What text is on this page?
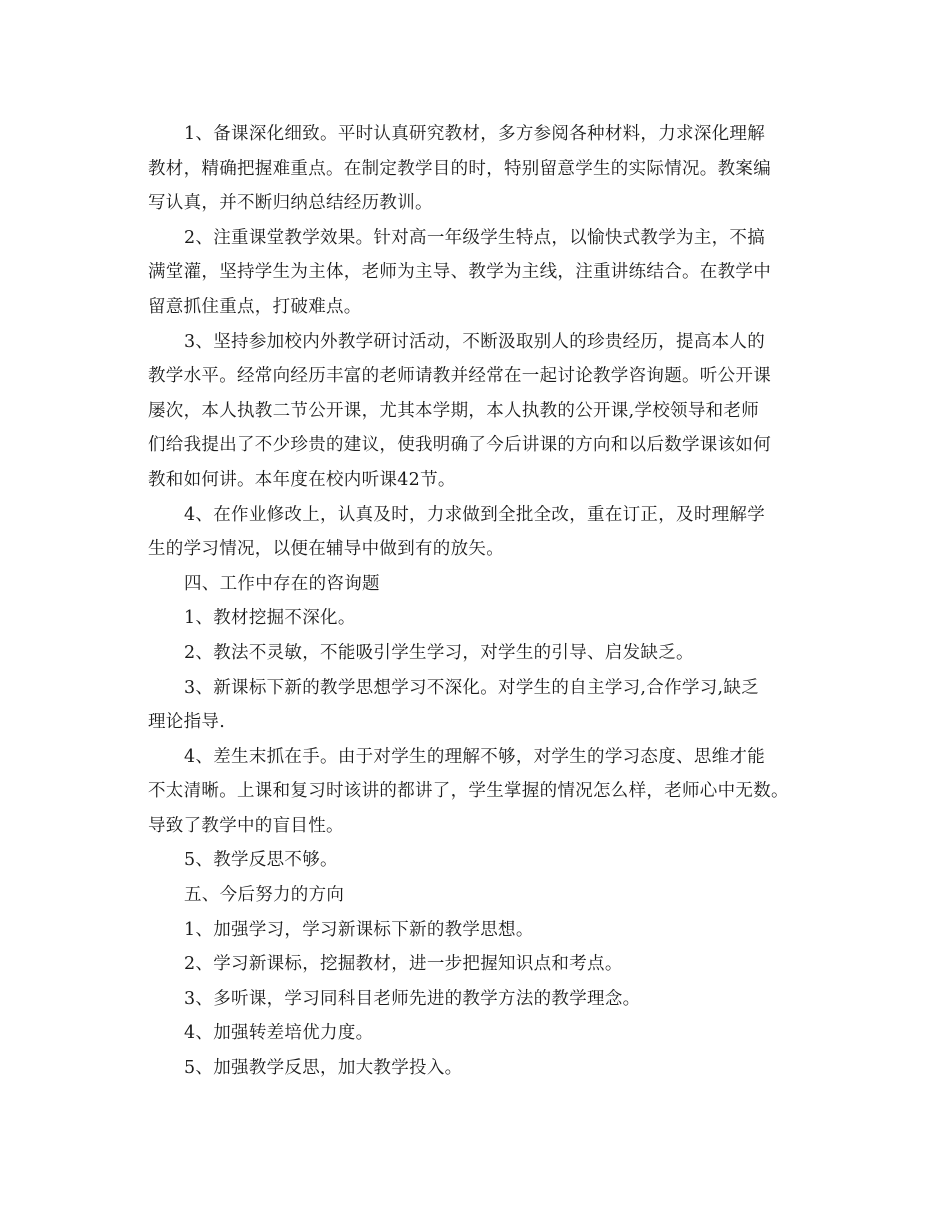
1、备课深化细致。平时认真研究教材，多方参阅各种材料，力求深化理解
教材，精确把握难重点。在制定教学目的时，特别留意学生的实际情况。教案编
写认真，并不断归纳总结经历教训。
2、注重课堂教学效果。针对高一年级学生特点，以愉快式教学为主，不搞
满堂灌，坚持学生为主体，老师为主导、教学为主线，注重讲练结合。在教学中
留意抓住重点，打破难点。
3、坚持参加校内外教学研讨活动，不断汲取别人的珍贵经历，提高本人的
教学水平。经常向经历丰富的老师请教并经常在一起讨论教学咨询题。听公开课
屡次，本人执教二节公开课，尤其本学期，本人执教的公开课,学校领导和老师
们给我提出了不少珍贵的建议，使我明确了今后讲课的方向和以后数学课该如何
教和如何讲。本年度在校内听课42节。
4、在作业修改上，认真及时，力求做到全批全改，重在订正，及时理解学
生的学习情况，以便在辅导中做到有的放矢。
四、工作中存在的咨询题
1、教材挖掘不深化。
2、教法不灵敏，不能吸引学生学习，对学生的引导、启发缺乏。
3、新课标下新的教学思想学习不深化。对学生的自主学习,合作学习,缺乏
理论指导.
4、差生末抓在手。由于对学生的理解不够，对学生的学习态度、思维才能
不太清晰。上课和复习时该讲的都讲了，学生掌握的情况怎么样，老师心中无数。
导致了教学中的盲目性。
5、教学反思不够。
五、今后努力的方向
1、加强学习，学习新课标下新的教学思想。
2、学习新课标，挖掘教材，进一步把握知识点和考点。
3、多听课，学习同科目老师先进的教学方法的教学理念。
4、加强转差培优力度。
5、加强教学反思，加大教学投入。
